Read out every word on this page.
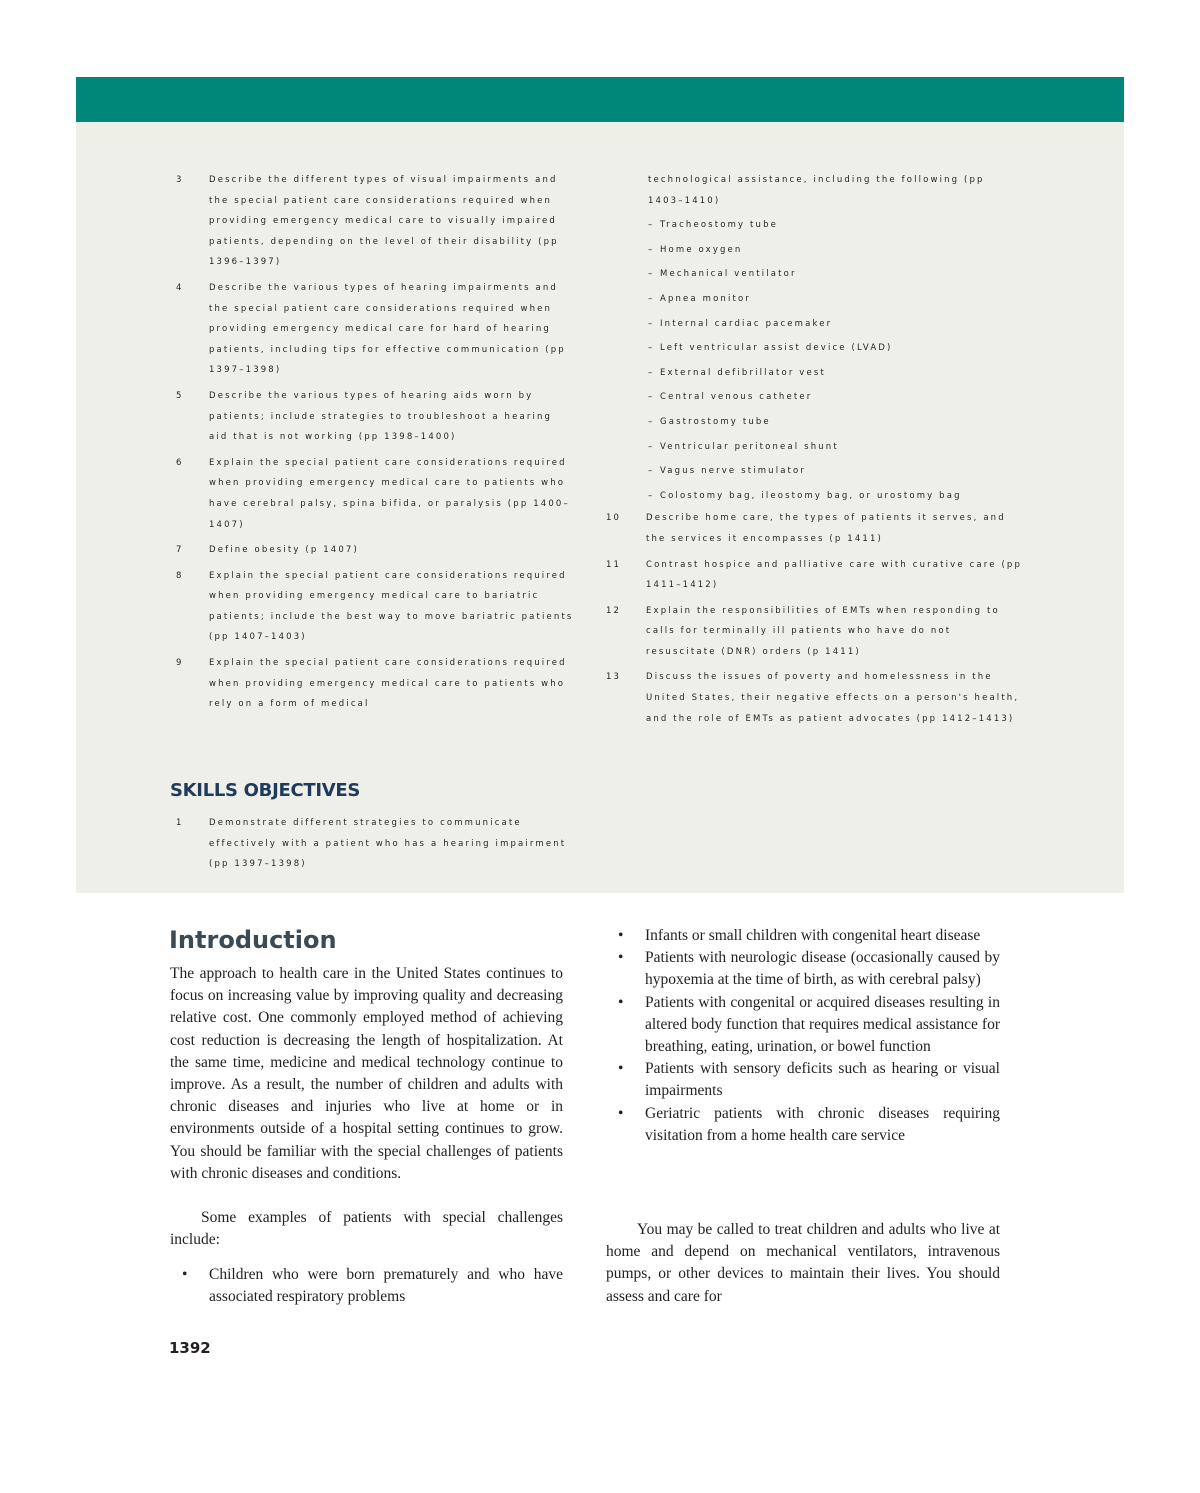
3	Describe the different types of visual impairments and the special patient care considerations required when providing emergency medical care to visually impaired patients, depending on the level of their disability (pp 1396–1397)
4	Describe the various types of hearing impairments and the special patient care considerations required when providing emergency medical care for hard of hearing patients, including tips for effective communication (pp 1397–1398)
5	Describe the various types of hearing aids worn by patients; include strategies to troubleshoot a hearing aid that is not working (pp 1398–1400)
6	Explain the special patient care considerations required when providing emergency medical care to patients who have cerebral palsy, spina bifida, or paralysis (pp 1400–1407)
7	Define obesity (p 1407)
8	Explain the special patient care considerations required when providing emergency medical care to bariatric patients; include the best way to move bariatric patients (pp 1407–1403)
9	Explain the special patient care considerations required when providing emergency medical care to patients who rely on a form of medical
technological assistance, including the following (pp 1403–1410)
– Tracheostomy tube
– Home oxygen
– Mechanical ventilator
– Apnea monitor
– Internal cardiac pacemaker
– Left ventricular assist device (LVAD)
– External defibrillator vest
– Central venous catheter
– Gastrostomy tube
– Ventricular peritoneal shunt
– Vagus nerve stimulator
– Colostomy bag, ileostomy bag, or urostomy bag
10	Describe home care, the types of patients it serves, and the services it encompasses (p 1411)
11	Contrast hospice and palliative care with curative care (pp 1411–1412)
12	Explain the responsibilities of EMTs when responding to calls for terminally ill patients who have do not resuscitate (DNR) orders (p 1411)
13	Discuss the issues of poverty and homelessness in the United States, their negative effects on a person's health, and the role of EMTs as patient advocates (pp 1412–1413)
SKILLS OBJECTIVES
1	Demonstrate different strategies to communicate effectively with a patient who has a hearing impairment (pp 1397–1398)
Introduction

The approach to health care in the United States continues to focus on increasing value by improving quality and decreasing relative cost. One commonly employed method of achieving cost reduction is decreasing the length of hospitalization. At the same time, medicine and medical technology continue to improve. As a result, the number of children and adults with chronic diseases and injuries who live at home or in environments outside of a hospital setting continues to grow. You should be familiar with the special challenges of patients with chronic diseases and conditions.

Some examples of patients with special challenges include:

• Children who were born prematurely and who have associated respiratory problems
• Infants or small children with congenital heart disease
• Patients with neurologic disease (occasionally caused by hypoxemia at the time of birth, as with cerebral palsy)
• Patients with congenital or acquired diseases resulting in altered body function that requires medical assistance for breathing, eating, urination, or bowel function
• Patients with sensory deficits such as hearing or visual impairments
• Geriatric patients with chronic diseases requiring visitation from a home health care service

You may be called to treat children and adults who live at home and depend on mechanical ventilators, intravenous pumps, or other devices to maintain their lives. You should assess and care for

1392
